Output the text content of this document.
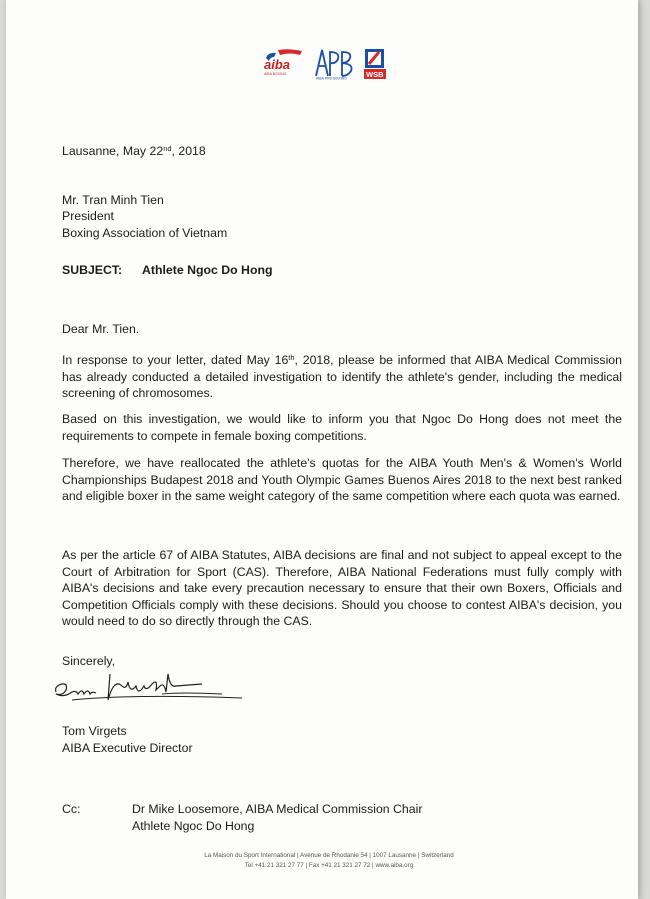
aiba
AIBA BOXING
AIBA PRO BOXING	WSB
Lausanne, May 22nd, 2018
Mr. Tran Minh Tien
President
Boxing Association of Vietnam
SUBJECT: Athlete Ngoc Do Hong
Dear Mr. Tien.
In response to your letter, dated May 16th, 2018, please be informed that AIBA Medical Commission has already conducted a detailed investigation to identify the athlete's gender, including the medical screening of chromosomes.
Based on this investigation, we would like to inform you that Ngoc Do Hong does not meet the requirements to compete in female boxing competitions.
Therefore, we have reallocated the athlete's quotas for the AIBA Youth Men's & Women's World Championships Budapest 2018 and Youth Olympic Games Buenos Aires 2018 to the next best ranked and eligible boxer in the same weight category of the same competition where each quota was earned.
As per the article 67 of AIBA Statutes, AIBA decisions are final and not subject to appeal except to the Court of Arbitration for Sport (CAS). Therefore, AIBA National Federations must fully comply with AIBA's decisions and take every precaution necessary to ensure that their own Boxers, Officials and Competition Officials comply with these decisions. Should you choose to contest AIBA's decision, you would need to do so directly through the CAS.
Sincerely,
Tom Virgets
AIBA Executive Director
Cc:	Dr Mike Loosemore, AIBA Medical Commission Chair
Athlete Ngoc Do Hong
La Maison du Sport International | Avenue de Rhodanie 54 | 1007 Lausanne | Switzerland
Tel +41 21 321 27 77 | Fax +41 21 321 27 72 | www.aiba.org
